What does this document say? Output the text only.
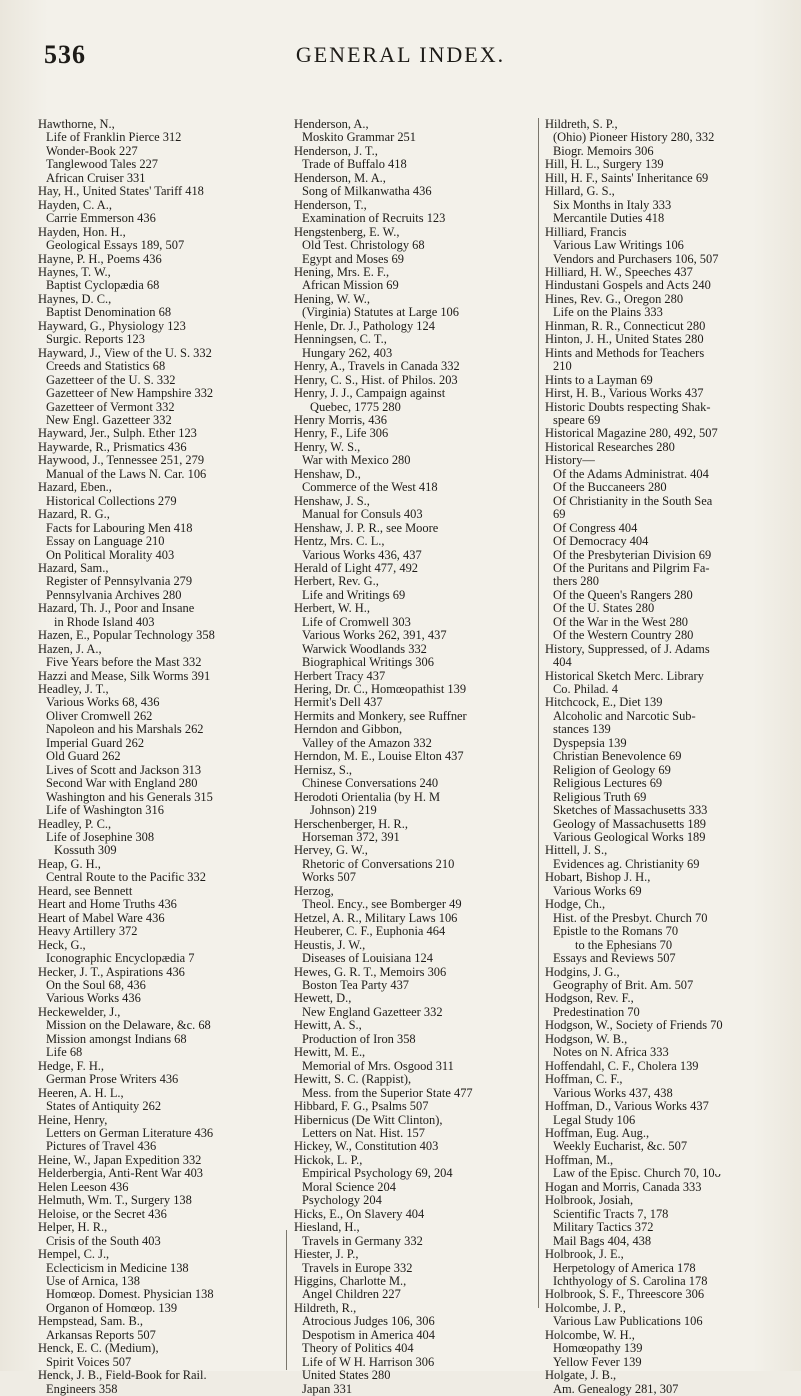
536	GENERAL INDEX.
Hawthorne, N.,
Life of Franklin Pierce 312
Wonder-Book 227
Tanglewood Tales 227
African Cruiser 331
Hay, H., United States' Tariff 418
Hayden, C. A.,
Carrie Emmerson 436
Hayden, Hon. H.,
Geological Essays 189, 507
Hayne, P. H., Poems 436
Haynes, T. W.,
Baptist Cyclopædia 68
Haynes, D. C.,
Baptist Denomination 68
Hayward, G., Physiology 123
Surgic. Reports 123
Hayward, J., View of the U. S. 332
Creeds and Statistics 68
Gazetteer of the U. S. 332
Gazetteer of New Hampshire 332
Gazetteer of Vermont 332
New Engl. Gazetteer 332
Hayward, Jer., Sulph. Ether 123
Haywarde, R., Prismatics 436
Haywood, J., Tennessee 251, 279
Manual of the Laws N. Car. 106
Hazard, Eben.,
Historical Collections 279
Hazard, R. G.,
Facts for Labouring Men 418
Essay on Language 210
On Political Morality 403
Hazard, Sam.,
Register of Pennsylvania 279
Pennsylvania Archives 280
Hazard, Th. J., Poor and Insane
in Rhode Island 403
Hazen, E., Popular Technology 358
Hazen, J. A.,
Five Years before the Mast 332
Hazzi and Mease, Silk Worms 391
Headley, J. T.,
Various Works 68, 436
Oliver Cromwell 262
Napoleon and his Marshals 262
Imperial Guard 262
Old Guard 262
Lives of Scott and Jackson 313
Second War with England 280
Washington and his Generals 315
Life of Washington 316
Headley, P. C.,
Life of Josephine 308
Kossuth 309
Heap, G. H.,
Central Route to the Pacific 332
Heard, see Bennett
Heart and Home Truths 436
Heart of Mabel Ware 436
Heavy Artillery 372
Heck, G.,
Iconographic Encyclopædia 7
Hecker, J. T., Aspirations 436
On the Soul 68, 436
Various Works 436
Heckewelder, J.,
Mission on the Delaware, &c. 68
Mission amongst Indians 68
Life 68
Hedge, F. H.,
German Prose Writers 436
Heeren, A. H. L.,
States of Antiquity 262
Heine, Henry,
Letters on German Literature 436
Pictures of Travel 436
Heine, W., Japan Expedition 332
Helderbergia, Anti-Rent War 403
Helen Leeson 436
Helmuth, Wm. T., Surgery 138
Heloise, or the Secret 436
Helper, H. R.,
Crisis of the South 403
Hempel, C. J.,
Eclecticism in Medicine 138
Use of Arnica, 138
Homœop. Domest. Physician 138
Organon of Homœop. 139
Hempstead, Sam. B.,
Arkansas Reports 507
Henck, E. C. (Medium),
Spirit Voices 507
Henck, J. B., Field-Book for Rail.
Engineers 358
Henderson, A.,
Moskito Grammar 251
Henderson, J. T.,
Trade of Buffalo 418
Henderson, M. A.,
Song of Milkanwatha 436
Henderson, T.,
Examination of Recruits 123
Hengstenberg, E. W.,
Old Test. Christology 68
Egypt and Moses 69
Hening, Mrs. E. F.,
African Mission 69
Hening, W. W.,
(Virginia) Statutes at Large 106
Henle, Dr. J., Pathology 124
Henningsen, C. T.,
Hungary 262, 403
Henry, A., Travels in Canada 332
Henry, C. S., Hist. of Philos. 203
Henry, J. J., Campaign against
Quebec, 1775 280
Henry Morris, 436
Henry, F., Life 306
Henry, W. S.,
War with Mexico 280
Henshaw, D.,
Commerce of the West 418
Henshaw, J. S.,
Manual for Consuls 403
Henshaw, J. P. R., see Moore
Hentz, Mrs. C. L.,
Various Works 436, 437
Herald of Light 477, 492
Herbert, Rev. G.,
Life and Writings 69
Herbert, W. H.,
Life of Cromwell 303
Various Works 262, 391, 437
Warwick Woodlands 332
Biographical Writings 306
Herbert Tracy 437
Hering, Dr. C., Homœopathist 139
Hermit's Dell 437
Hermits and Monkery, see Ruffner
Herndon and Gibbon,
Valley of the Amazon 332
Herndon, M. E., Louise Elton 437
Hernisz, S.,
Chinese Conversations 240
Herodoti Orientalia (by H. M
Johnson) 219
Herschenberger, H. R.,
Horseman 372, 391
Hervey, G. W.,
Rhetoric of Conversations 210
Works 507
Herzog,
Theol. Ency., see Bomberger 49
Hetzel, A. R., Military Laws 106
Heuberer, C. F., Euphonia 464
Heustis, J. W.,
Diseases of Louisiana 124
Hewes, G. R. T., Memoirs 306
Boston Tea Party 437
Hewett, D.,
New England Gazetteer 332
Hewitt, A. S.,
Production of Iron 358
Hewitt, M. E.,
Memorial of Mrs. Osgood 311
Hewitt, S. C. (Rappist),
Mess. from the Superior State 477
Hibbard, F. G., Psalms 507
Hibernicus (De Witt Clinton),
Letters on Nat. Hist. 157
Hickey, W., Constitution 403
Hickok, L. P.,
Empirical Psychology 69, 204
Moral Science 204
Psychology 204
Hicks, E., On Slavery 404
Hiesland, H.,
Travels in Germany 332
Hiester, J. P.,
Travels in Europe 332
Higgins, Charlotte M.,
Angel Children 227
Hildreth, R.,
Atrocious Judges 106, 306
Despotism in America 404
Theory of Politics 404
Life of W H. Harrison 306
United States 280
Japan 331
Hildreth, S. P.,
(Ohio) Pioneer History 280, 332
Biogr. Memoirs 306
Hill, H. L., Surgery 139
Hill, H. F., Saints' Inheritance 69
Hillard, G. S.,
Six Months in Italy 333
Mercantile Duties 418
Hilliard, Francis
Various Law Writings 106
Vendors and Purchasers 106, 507
Hilliard, H. W., Speeches 437
Hindustani Gospels and Acts 240
Hines, Rev. G., Oregon 280
Life on the Plains 333
Hinman, R. R., Connecticut 280
Hinton, J. H., United States 280
Hints and Methods for Teachers
210
Hints to a Layman 69
Hirst, H. B., Various Works 437
Historic Doubts respecting Shak-
speare 69
Historical Magazine 280, 492, 507
Historical Researches 280
History—
Of the Adams Administrat. 404
Of the Buccaneers 280
Of Christianity in the South Sea
69
Of Congress 404
Of Democracy 404
Of the Presbyterian Division 69
Of the Puritans and Pilgrim Fa-
thers 280
Of the Queen's Rangers 280
Of the U. States 280
Of the War in the West 280
Of the Western Country 280
History, Suppressed, of J. Adams
404
Historical Sketch Merc. Library
Co. Philad. 4
Hitchcock, E., Diet 139
Alcoholic and Narcotic Sub-
stances 139
Dyspepsia 139
Christian Benevolence 69
Religion of Geology 69
Religious Lectures 69
Religious Truth 69
Sketches of Massachusetts 333
Geology of Massachusetts 189
Various Geological Works 189
Hittell, J. S.,
Evidences ag. Christianity 69
Hobart, Bishop J. H.,
Various Works 69
Hodge, Ch.,
Hist. of the Presbyt. Church 70
Epistle to the Romans 70
to the Ephesians 70
Essays and Reviews 507
Hodgins, J. G.,
Geography of Brit. Am. 507
Hodgson, Rev. F.,
Predestination 70
Hodgson, W., Society of Friends 70
Hodgson, W. B.,
Notes on N. Africa 333
Hoffendahl, C. F., Cholera 139
Hoffman, C. F.,
Various Works 437, 438
Hoffman, D., Various Works 437
Legal Study 106
Hoffman, Eug. Aug.,
Weekly Eucharist, &c. 507
Hoffman, M.,
Law of the Episc. Church 70, 10ᴗ
Hogan and Morris, Canada 333
Holbrook, Josiah,
Scientific Tracts 7, 178
Military Tactics 372
Mail Bags 404, 438
Holbrook, J. E.,
Herpetology of America 178
Ichthyology of S. Carolina 178
Holbrook, S. F., Threescore 306
Holcombe, J. P.,
Various Law Publications 106
Holcombe, W. H.,
Homœopathy 139
Yellow Fever 139
Holgate, J. B.,
Am. Genealogy 281, 307
